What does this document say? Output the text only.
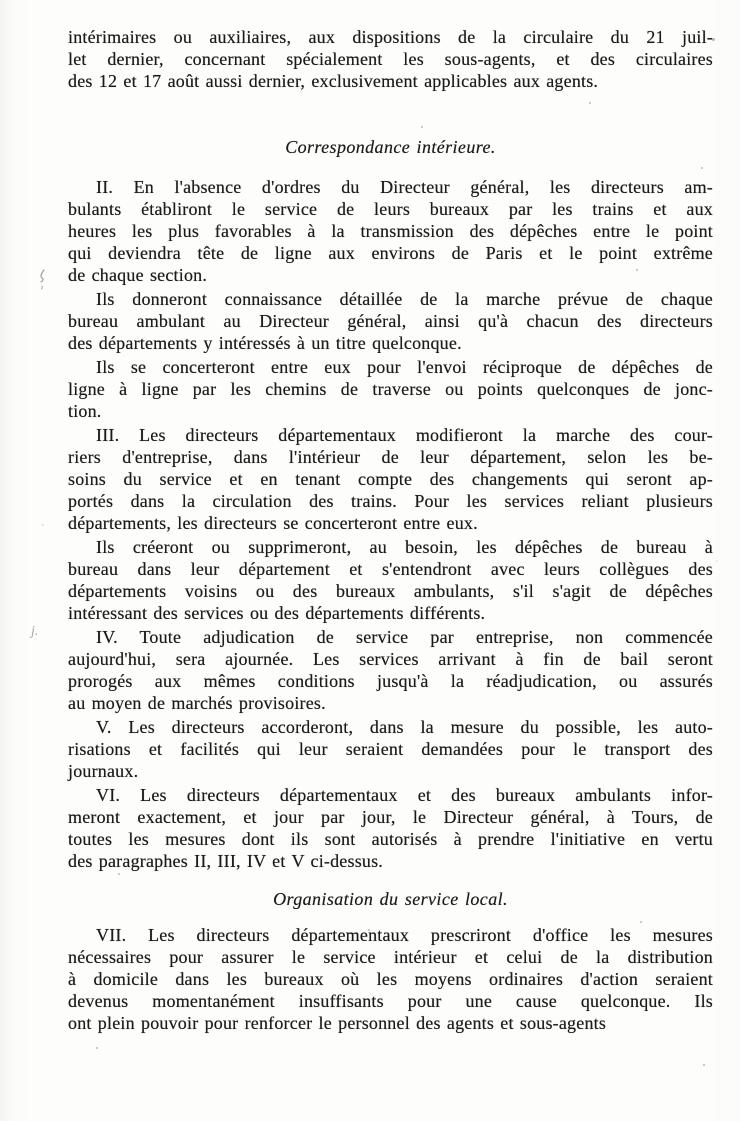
intérimaires ou auxiliaires, aux dispositions de la circulaire du 21 juil-
let dernier, concernant spécialement les sous-agents, et des circulaires
des 12 et 17 août aussi dernier, exclusivement applicables aux agents.
Correspondance intérieure.
II. En l'absence d'ordres du Directeur général, les directeurs am-
bulants établiront le service de leurs bureaux par les trains et aux
heures les plus favorables à la transmission des dépêches entre le point
qui deviendra tête de ligne aux environs de Paris et le point extrême
de chaque section.
Ils donneront connaissance détaillée de la marche prévue de chaque
bureau ambulant au Directeur général, ainsi qu'à chacun des directeurs
des départements y intéressés à un titre quelconque.
Ils se concerteront entre eux pour l'envoi réciproque de dépêches de
ligne à ligne par les chemins de traverse ou points quelconques de jonc-
tion.
III. Les directeurs départementaux modifieront la marche des cour-
riers d'entreprise, dans l'intérieur de leur département, selon les be-
soins du service et en tenant compte des changements qui seront ap-
portés dans la circulation des trains. Pour les services reliant plusieurs
départements, les directeurs se concerteront entre eux.
Ils créeront ou supprimeront, au besoin, les dépêches de bureau à
bureau dans leur département et s'entendront avec leurs collègues des
départements voisins ou des bureaux ambulants, s'il s'agit de dépêches
intéressant des services ou des départements différents.
IV. Toute adjudication de service par entreprise, non commencée
aujourd'hui, sera ajournée. Les services arrivant à fin de bail seront
prorogés aux mêmes conditions jusqu'à la réadjudication, ou assurés
au moyen de marchés provisoires.
V. Les directeurs accorderont, dans la mesure du possible, les auto-
risations et facilités qui leur seraient demandées pour le transport des
journaux.
VI. Les directeurs départementaux et des bureaux ambulants infor-
meront exactement, et jour par jour, le Directeur général, à Tours, de
toutes les mesures dont ils sont autorisés à prendre l'initiative en vertu
des paragraphes II, III, IV et V ci-dessus.
Organisation du service local.
VII. Les directeurs départementaux prescriront d'office les mesures
nécessaires pour assurer le service intérieur et celui de la distribution
à domicile dans les bureaux où les moyens ordinaires d'action seraient
devenus momentanément insuffisants pour une cause quelconque. Ils
ont plein pouvoir pour renforcer le personnel des agents et sous-agents
j.
